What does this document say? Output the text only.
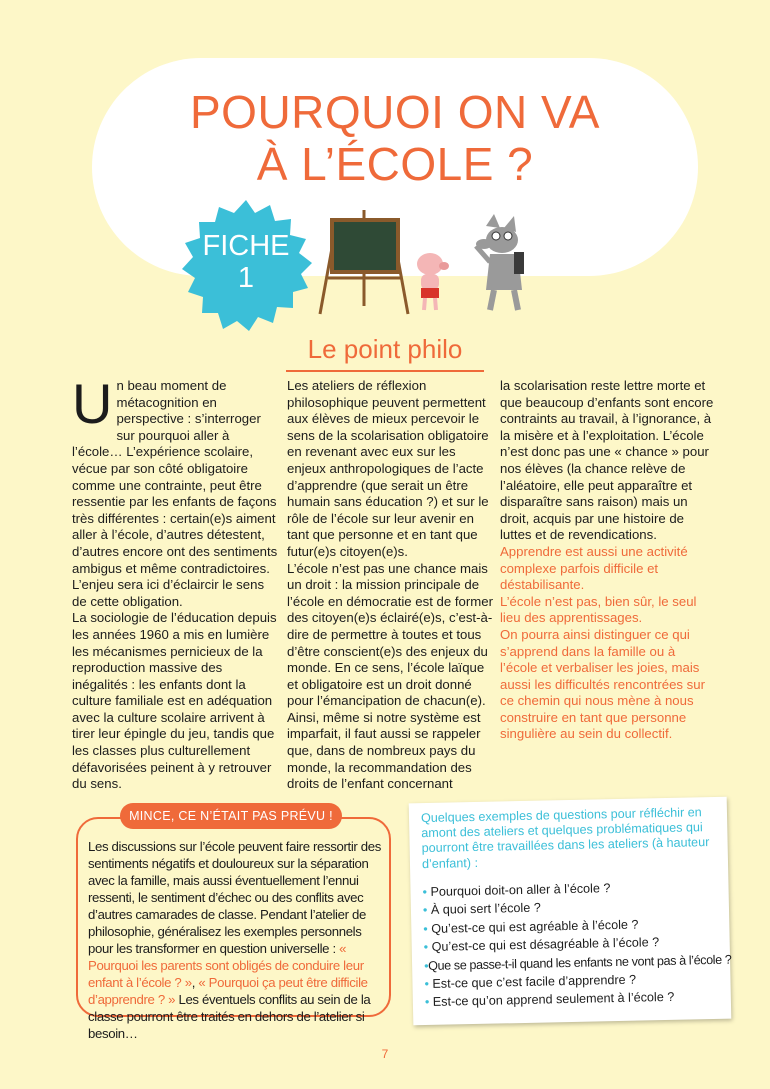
POURQUOI ON VA
À L’ÉCOLE ?
FICHE
1
Le point philo
U n beau moment de métacognition en perspective : s’interroger sur pourquoi aller à l’école… L’expérience scolaire, vécue par son côté obligatoire comme une contrainte, peut être ressentie par les enfants de façons très différentes : certain(e)s aiment aller à l’école, d’autres détestent, d’autres encore ont des sentiments ambigus et même contradictoires. L’enjeu sera ici d’éclaircir le sens de cette obligation.

La sociologie de l’éducation depuis les années 1960 a mis en lumière les mécanismes pernicieux de la reproduction massive des inégalités : les enfants dont la culture familiale est en adéquation avec la culture scolaire arrivent à tirer leur épingle du jeu, tandis que les classes plus culturellement défavorisées peinent à y retrouver du sens.

Les ateliers de réflexion philosophique peuvent permettent aux élèves de mieux percevoir le sens de la scolarisation obligatoire en revenant avec eux sur les enjeux anthropologiques de l’acte d’apprendre (que serait un être humain sans éducation ?) et sur le rôle de l’école sur leur avenir en tant que personne et en tant que futur(e)s citoyen(e)s.

L’école n’est pas une chance mais un droit : la mission principale de l’école en démocratie est de former des citoyen(e)s éclairé(e)s, c’est-à-dire de permettre à toutes et tous d’être conscient(e)s des enjeux du monde. En ce sens, l’école laïque et obligatoire est un droit donné pour l’émancipation de chacun(e). Ainsi, même si notre système est imparfait, il faut aussi se rappeler que, dans de nombreux pays du monde, la recommandation des droits de l’enfant concernant

la scolarisation reste lettre morte et que beaucoup d’enfants sont encore contraints au travail, à l’ignorance, à la misère et à l’exploitation. L’école n’est donc pas une « chance » pour nos élèves (la chance relève de l’aléatoire, elle peut apparaître et disparaître sans raison) mais un droit, acquis par une histoire de luttes et de revendications.

Apprendre est aussi une activité complexe parfois difficile et déstabilisante.

L’école n’est pas, bien sûr, le seul lieu des apprentissages.

On pourra ainsi distinguer ce qui s’apprend dans la famille ou à l’école et verbaliser les joies, mais aussi les difficultés rencontrées sur ce chemin qui nous mène à nous construire en tant que personne singulière au sein du collectif.

MINCE, CE N’ÉTAIT PAS PRÉVU !
Les discussions sur l’école peuvent faire ressortir des sentiments négatifs et douloureux sur la séparation avec la famille, mais aussi éventuellement l’ennui ressenti, le sentiment d’échec ou des conflits avec d’autres camarades de classe. Pendant l’atelier de philosophie, généralisez les exemples personnels pour les transformer en question universelle : « Pourquoi les parents sont obligés de conduire leur enfant à l’école ? », « Pourquoi ça peut être difficile d’apprendre ? » Les éventuels conflits au sein de la classe pourront être traités en dehors de l’atelier si besoin…
Quelques exemples de questions pour réfléchir en amont des ateliers et quelques problématiques qui pourront être travaillées dans les ateliers (à hauteur d’enfant) :
• Pourquoi doit-on aller à l’école ?
• À quoi sert l’école ?
• Qu’est-ce qui est agréable à l’école ?
• Qu’est-ce qui est désagréable à l’école ?
•Que se passe-t-il quand les enfants ne vont pas à l’école ?
• Est-ce que c’est facile d’apprendre ?
• Est-ce qu’on apprend seulement à l’école ?
7
